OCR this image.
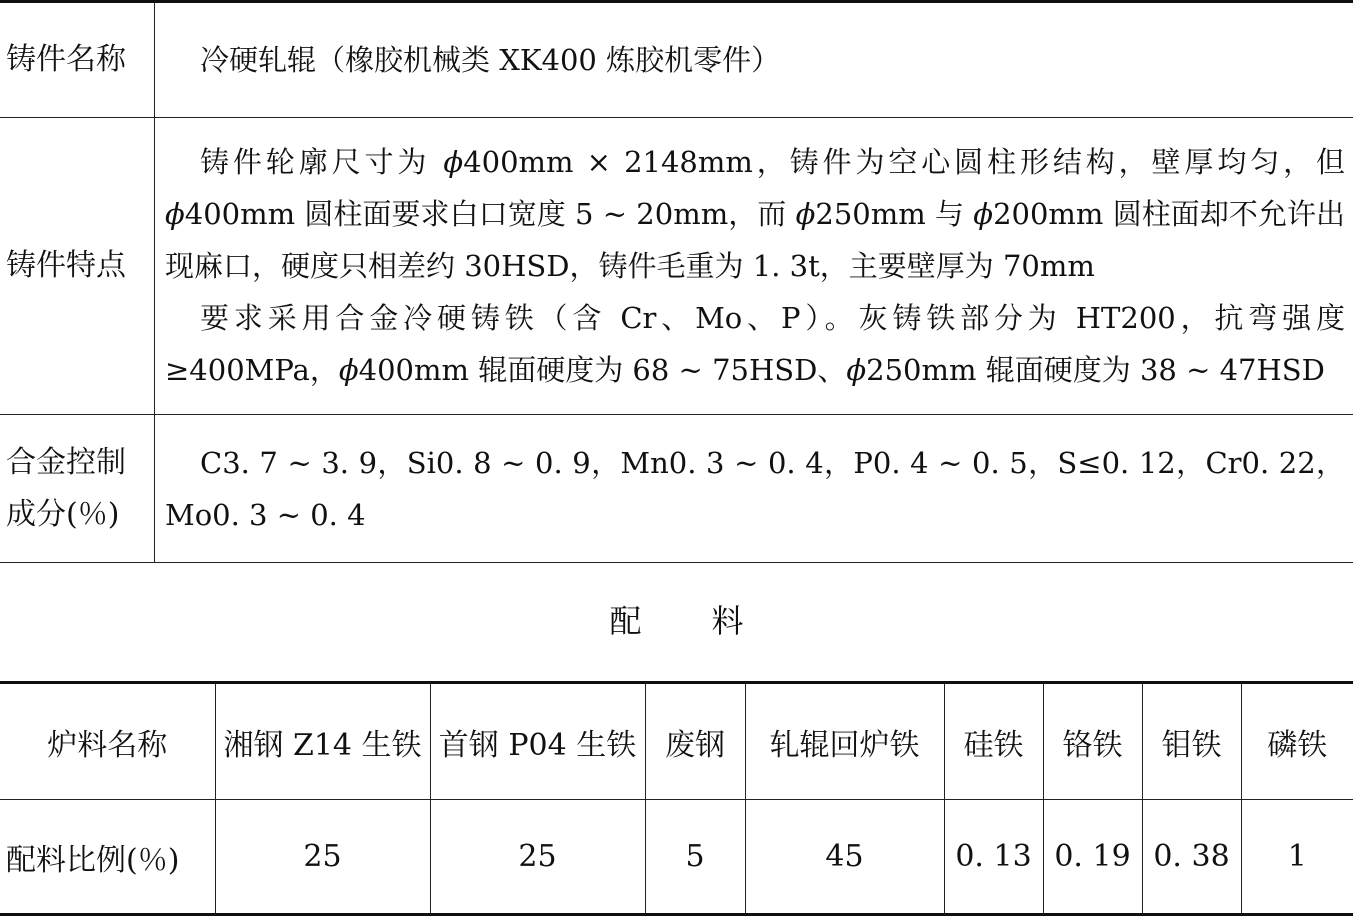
铸件名称	冷硬轧辊（橡胶机械类 XK400 炼胶机零件）

铸件特点	铸件轮廓尺寸为 ϕ400mm × 2148mm，铸件为空心圆柱形结构，壁厚均匀，但ϕ400mm 圆柱面要求白口宽度 5 ~ 20mm，而 ϕ250mm 与 ϕ200mm 圆柱面却不允许出现麻口，硬度只相差约 30HSD，铸件毛重为 1. 3t，主要壁厚为 70mm
要求采用合金冷硬铸铁（含 Cr、Mo、P）。灰铸铁部分为 HT200，抗弯强度≥400MPa，ϕ400mm 辊面硬度为 68 ~ 75HSD、ϕ250mm 辊面硬度为 38 ~ 47HSD

合金控制
成分(％)	C3. 7 ~ 3. 9，Si0. 8 ~ 0. 9，Mn0. 3 ~ 0. 4，P0. 4 ~ 0. 5，S≤0. 12，Cr0. 22，Mo0. 3 ~ 0. 4
配 料
炉料名称	湘钢 Z14 生铁	首钢 P04 生铁	废钢	轧辊回炉铁	硅铁	铬铁	钼铁	磷铁
配料比例(％)	25	25	5	45	0. 13	0. 19	0. 38	1
